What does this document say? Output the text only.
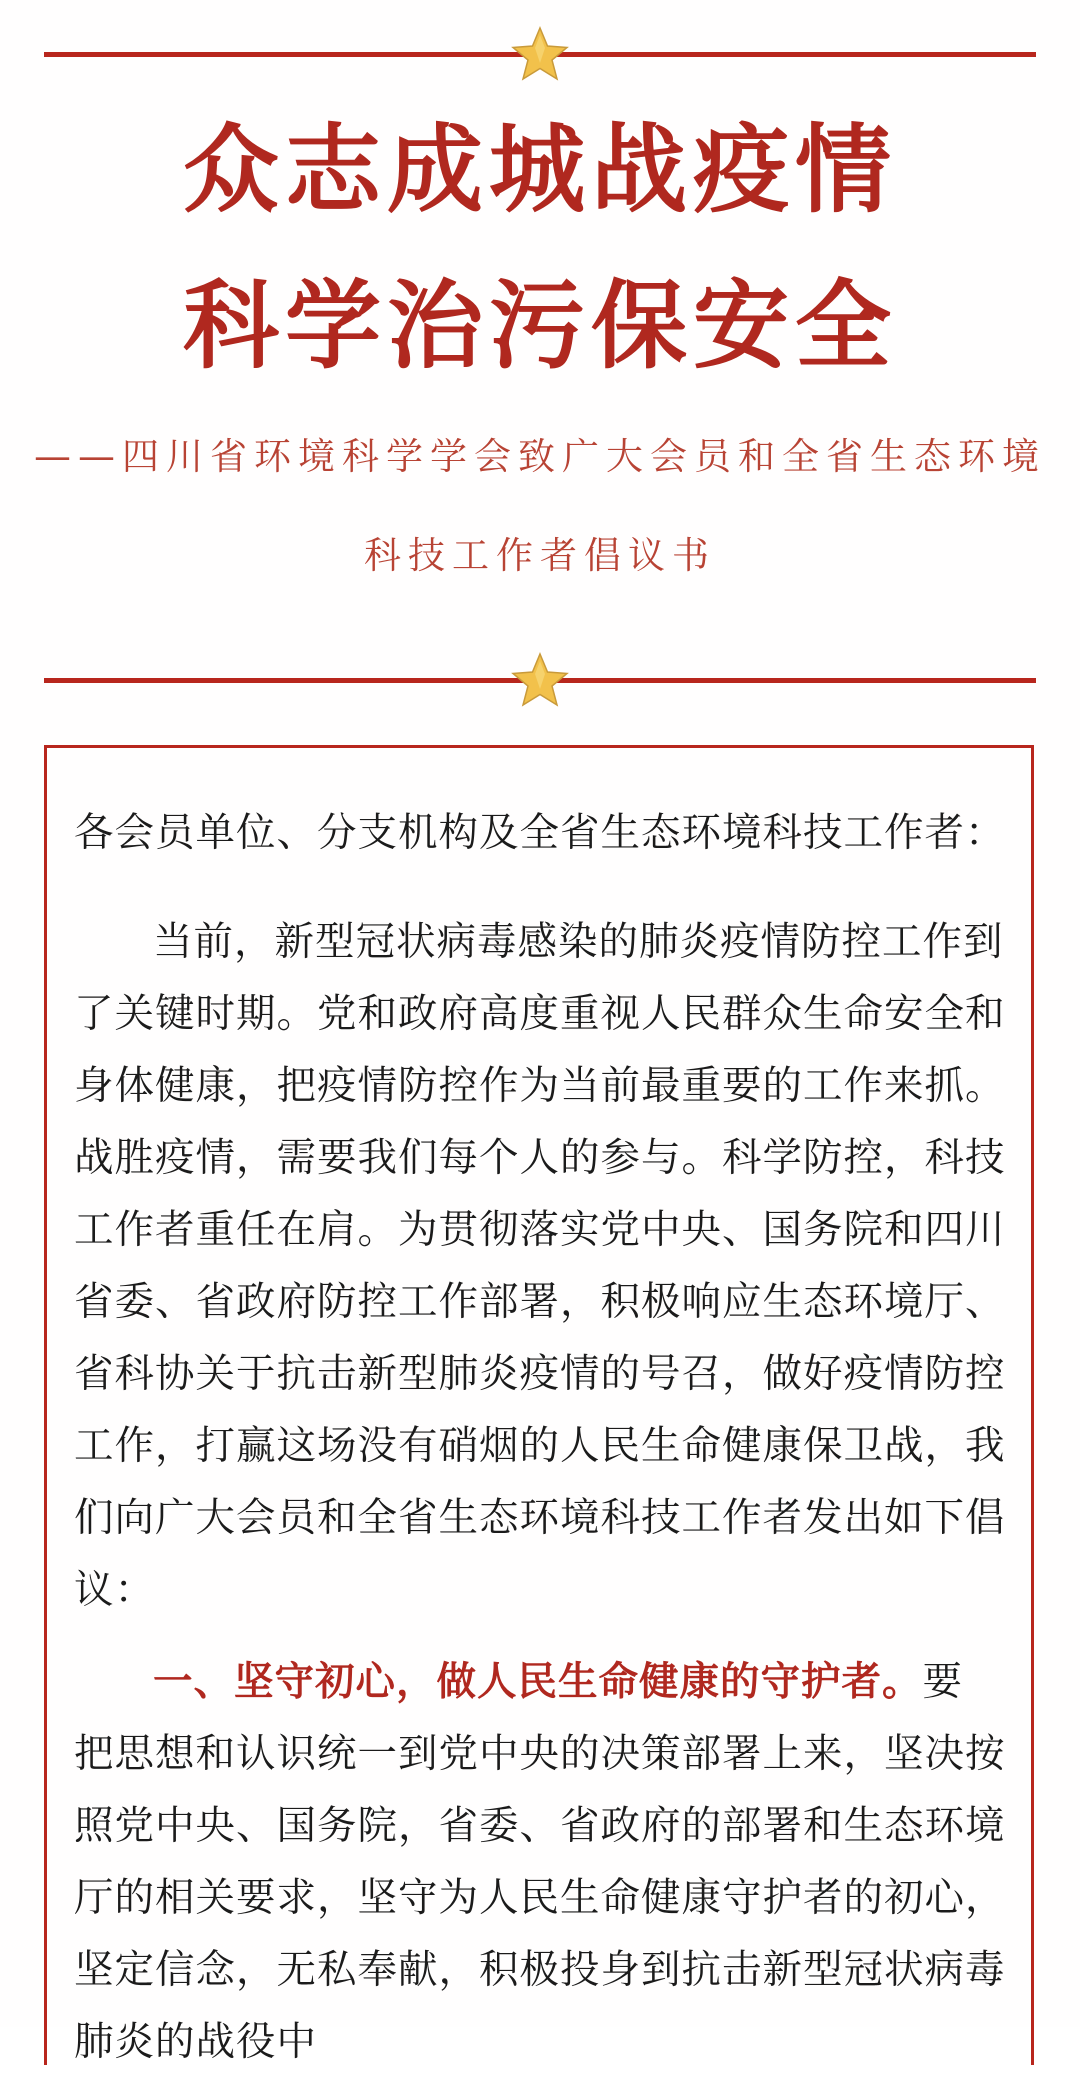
众志成城战疫情
科学治污保安全
——四川省环境科学学会致广大会员和全省生态环境
科技工作者倡议书
各会员单位、分支机构及全省生态环境科技工作者：
当前，新型冠状病毒感染的肺炎疫情防控工作到
了关键时期。党和政府高度重视人民群众生命安全和
身体健康，把疫情防控作为当前最重要的工作来抓。
战胜疫情，需要我们每个人的参与。科学防控，科技
工作者重任在肩。为贯彻落实党中央、国务院和四川
省委、省政府防控工作部署，积极响应生态环境厅、
省科协关于抗击新型肺炎疫情的号召，做好疫情防控
工作，打赢这场没有硝烟的人民生命健康保卫战，我
们向广大会员和全省生态环境科技工作者发出如下倡
议：
一、坚守初心，做人民生命健康的守护者。要
把思想和认识统一到党中央的决策部署上来，坚决按
照党中央、国务院，省委、省政府的部署和生态环境
厅的相关要求，坚守为人民生命健康守护者的初心，
坚定信念，无私奉献，积极投身到抗击新型冠状病毒
肺炎的战役中
